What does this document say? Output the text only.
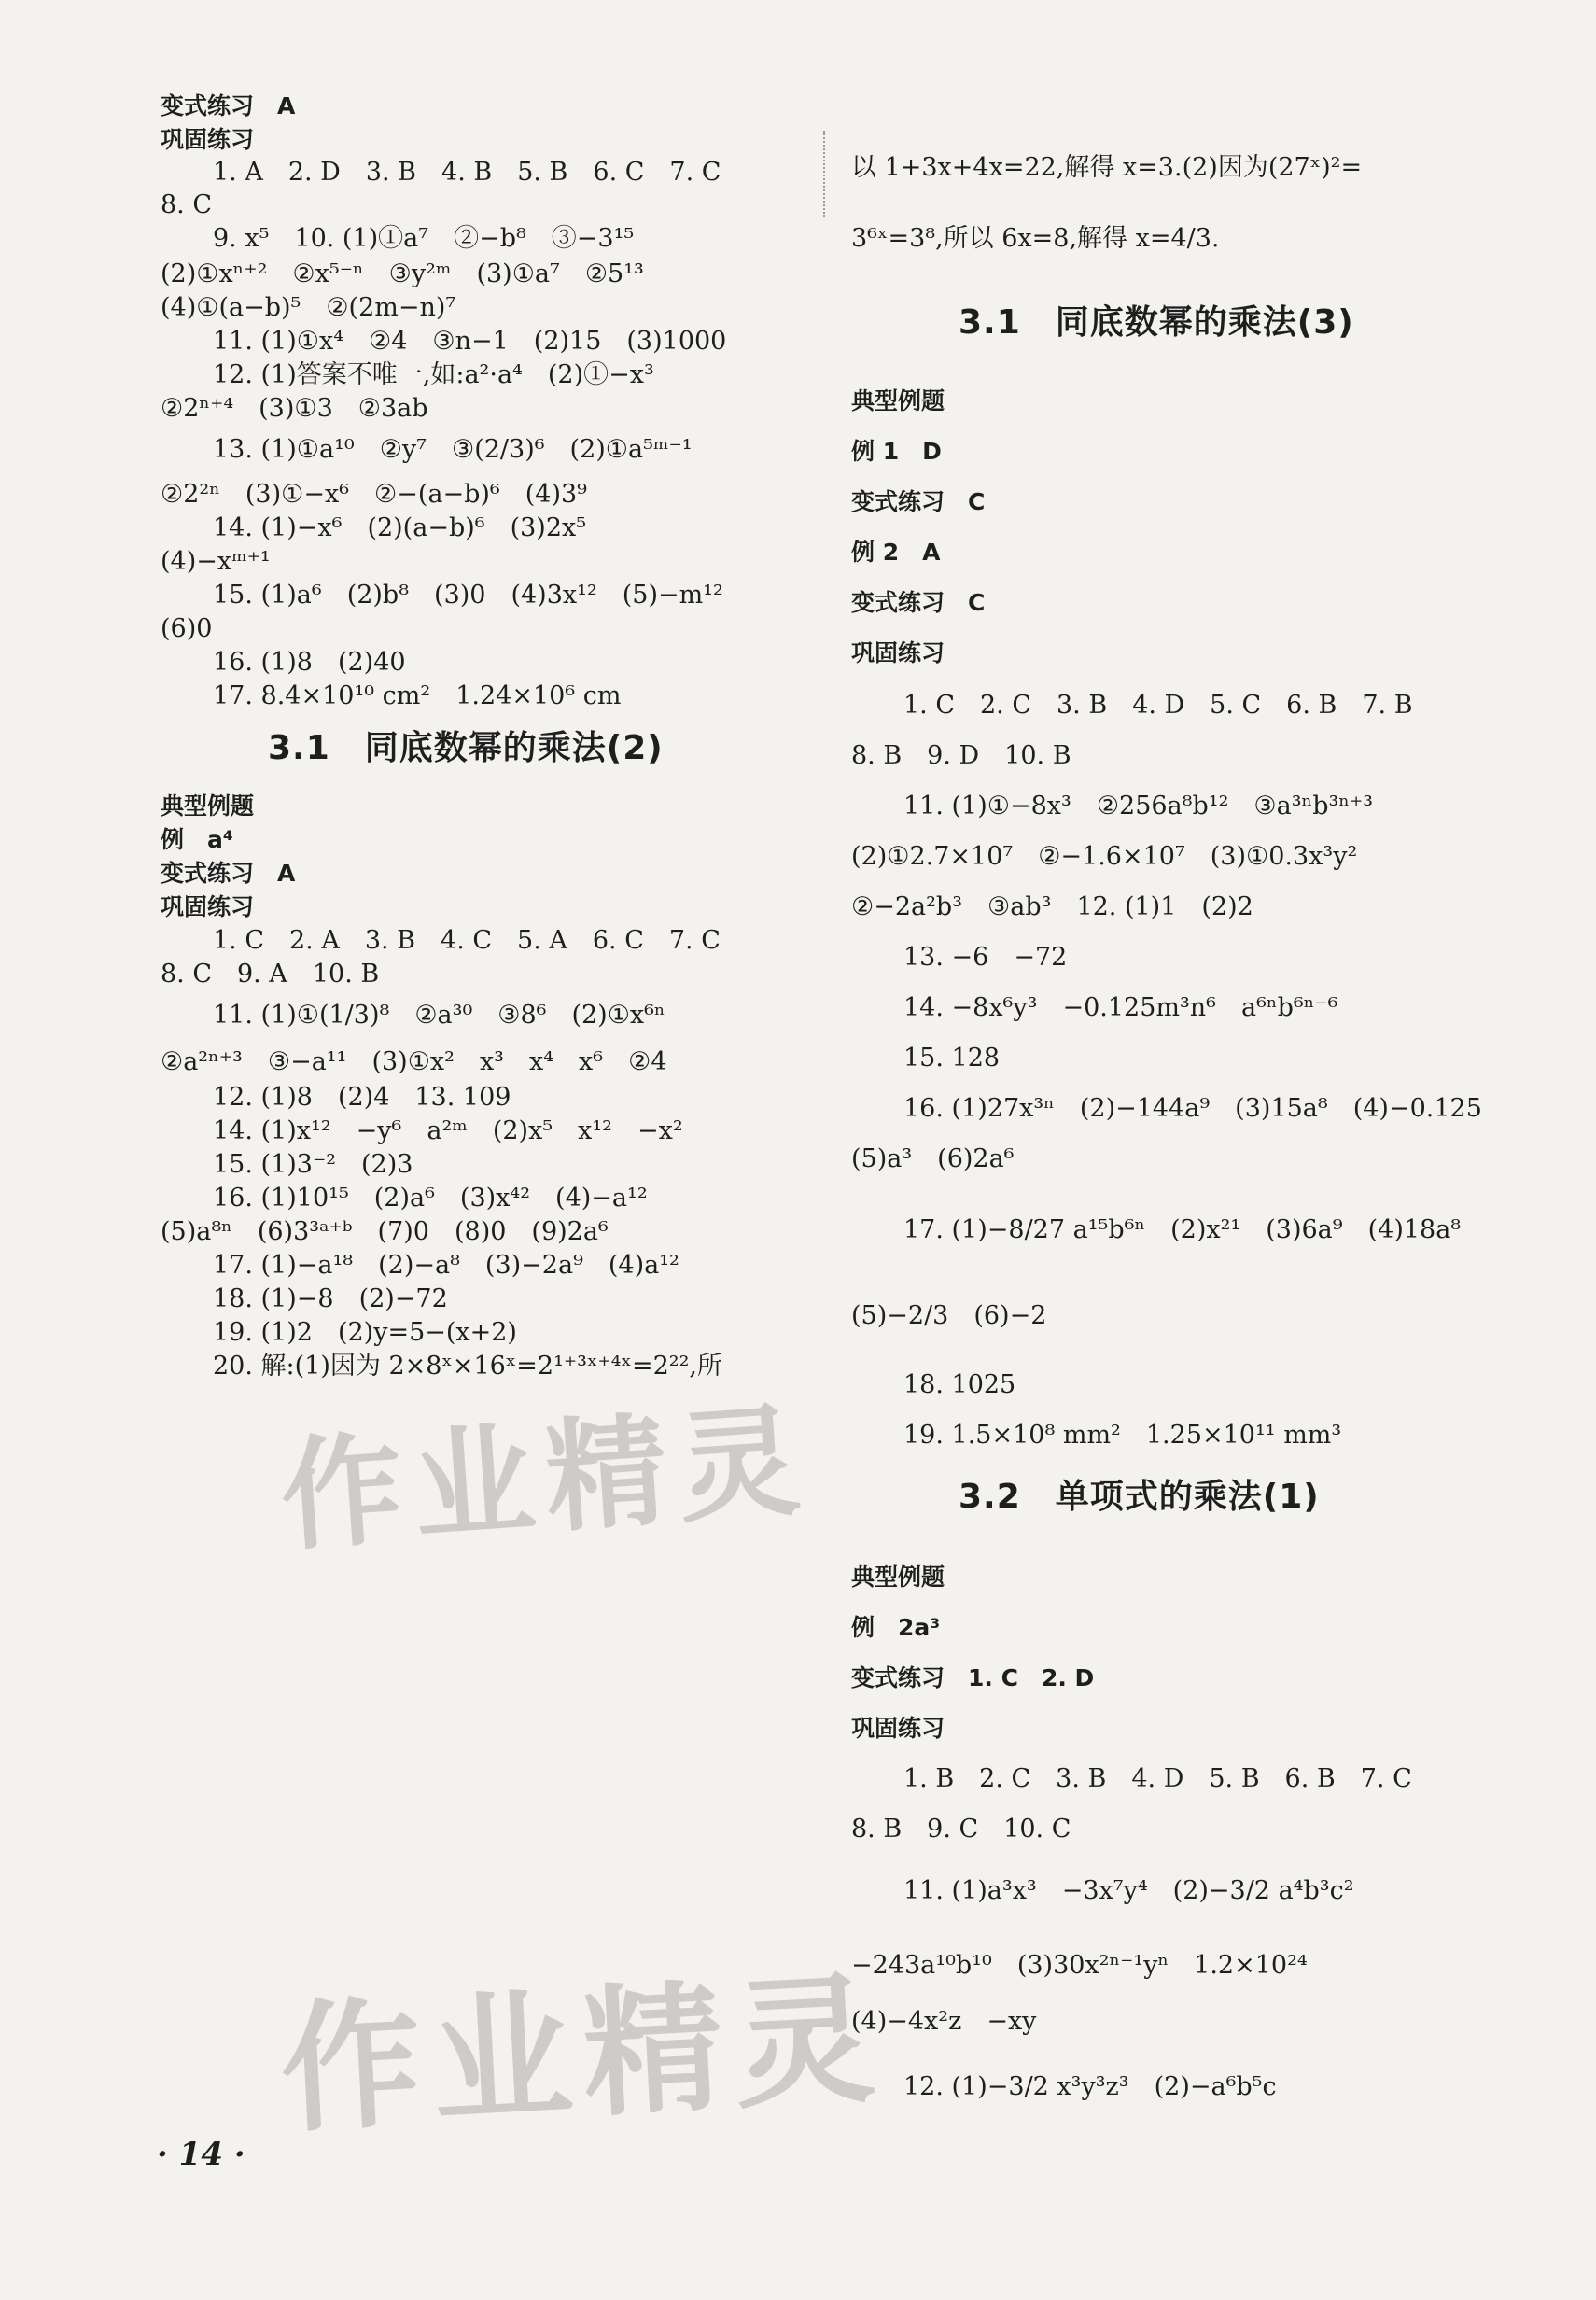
变式练习　A
巩固练习
1. A　2. D　3. B　4. B　5. B　6. C　7. C
8. C
9. x⁵　10. (1)①a⁷　②−b⁸　③−3¹⁵
(2)①xⁿ⁺²　②x⁵⁻ⁿ　③y²ᵐ　(3)①a⁷　②5¹³
(4)①(a−b)⁵　②(2m−n)⁷
11. (1)①x⁴　②4　③n−1　(2)15　(3)1000
12. (1)答案不唯一,如:a²·a⁴　(2)①−x³
②2ⁿ⁺⁴　(3)①3　②3ab
13. (1)①a¹⁰　②y⁷　③(2/3)⁶　(2)①a⁵ᵐ⁻¹
②2²ⁿ　(3)①−x⁶　②−(a−b)⁶　(4)3⁹
14. (1)−x⁶　(2)(a−b)⁶　(3)2x⁵
(4)−xᵐ⁺¹
15. (1)a⁶　(2)b⁸　(3)0　(4)3x¹²　(5)−m¹²
(6)0
16. (1)8　(2)40
17. 8.4×10¹⁰ cm²　1.24×10⁶ cm
3.1　同底数幂的乘法(2)
典型例题
例　a⁴
变式练习　A
巩固练习
1. C　2. A　3. B　4. C　5. A　6. C　7. C
8. C　9. A　10. B
11. (1)①(1/3)⁸　②a³⁰　③8⁶　(2)①x⁶ⁿ
②a²ⁿ⁺³　③−a¹¹　(3)①x²　x³　x⁴　x⁶　②4
12. (1)8　(2)4　13. 109
14. (1)x¹²　−y⁶　a²ᵐ　(2)x⁵　x¹²　−x²
15. (1)3⁻²　(2)3
16. (1)10¹⁵　(2)a⁶　(3)x⁴²　(4)−a¹²
(5)a⁸ⁿ　(6)3³ᵃ⁺ᵇ　(7)0　(8)0　(9)2a⁶
17. (1)−a¹⁸　(2)−a⁸　(3)−2a⁹　(4)a¹²
18. (1)−8　(2)−72
19. (1)2　(2)y=5−(x+2)
20. 解:(1)因为 2×8ˣ×16ˣ=2¹⁺³ˣ⁺⁴ˣ=2²²,所
以 1+3x+4x=22,解得 x=3.(2)因为(27ˣ)²=
3⁶ˣ=3⁸,所以 6x=8,解得 x=4/3.
3.1　同底数幂的乘法(3)
典型例题
例 1　D
变式练习　C
例 2　A
变式练习　C
巩固练习
1. C　2. C　3. B　4. D　5. C　6. B　7. B
8. B　9. D　10. B
11. (1)①−8x³　②256a⁸b¹²　③a³ⁿb³ⁿ⁺³
(2)①2.7×10⁷　②−1.6×10⁷　(3)①0.3x³y²
②−2a²b³　③ab³　12. (1)1　(2)2
13. −6　−72
14. −8x⁶y³　−0.125m³n⁶　a⁶ⁿb⁶ⁿ⁻⁶
15. 128
16. (1)27x³ⁿ　(2)−144a⁹　(3)15a⁸　(4)−0.125
(5)a³　(6)2a⁶
17. (1)−8/27 a¹⁵b⁶ⁿ　(2)x²¹　(3)6a⁹　(4)18a⁸
(5)−2/3　(6)−2
18. 1025
19. 1.5×10⁸ mm²　1.25×10¹¹ mm³
3.2　单项式的乘法(1)
典型例题
例　2a³
变式练习　1. C　2. D
巩固练习
1. B　2. C　3. B　4. D　5. B　6. B　7. C
8. B　9. C　10. C
11. (1)a³x³　−3x⁷y⁴　(2)−3/2 a⁴b³c²
−243a¹⁰b¹⁰　(3)30x²ⁿ⁻¹yⁿ　1.2×10²⁴
(4)−4x²z　−xy
12. (1)−3/2 x³y³z³　(2)−a⁶b⁵c
作业精灵
作业精灵
· 14 ·
